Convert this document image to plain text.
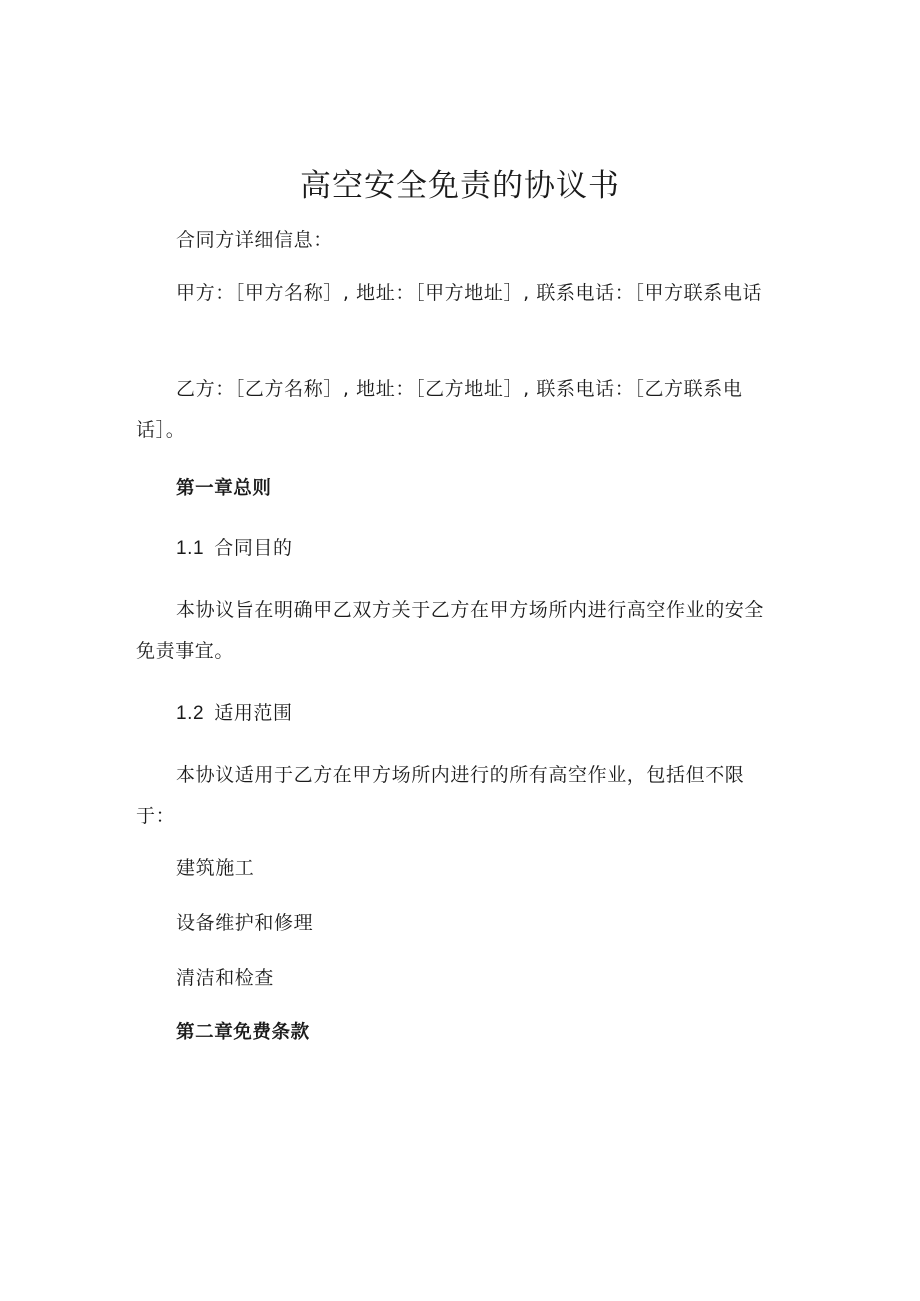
高空安全免责的协议书

合同方详细信息：

甲方：［甲方名称］, 地址：［甲方地址］, 联系电话：［甲方联系电话

乙方：［乙方名称］, 地址：［乙方地址］, 联系电话：［乙方联系电话］。

第一章总则

1.1 合同目的

本协议旨在明确甲乙双方关于乙方在甲方场所内进行高空作业的安全免责事宜。

1.2 适用范围

本协议适用于乙方在甲方场所内进行的所有高空作业，包括但不限于：

建筑施工

设备维护和修理

清洁和检查

第二章免费条款
